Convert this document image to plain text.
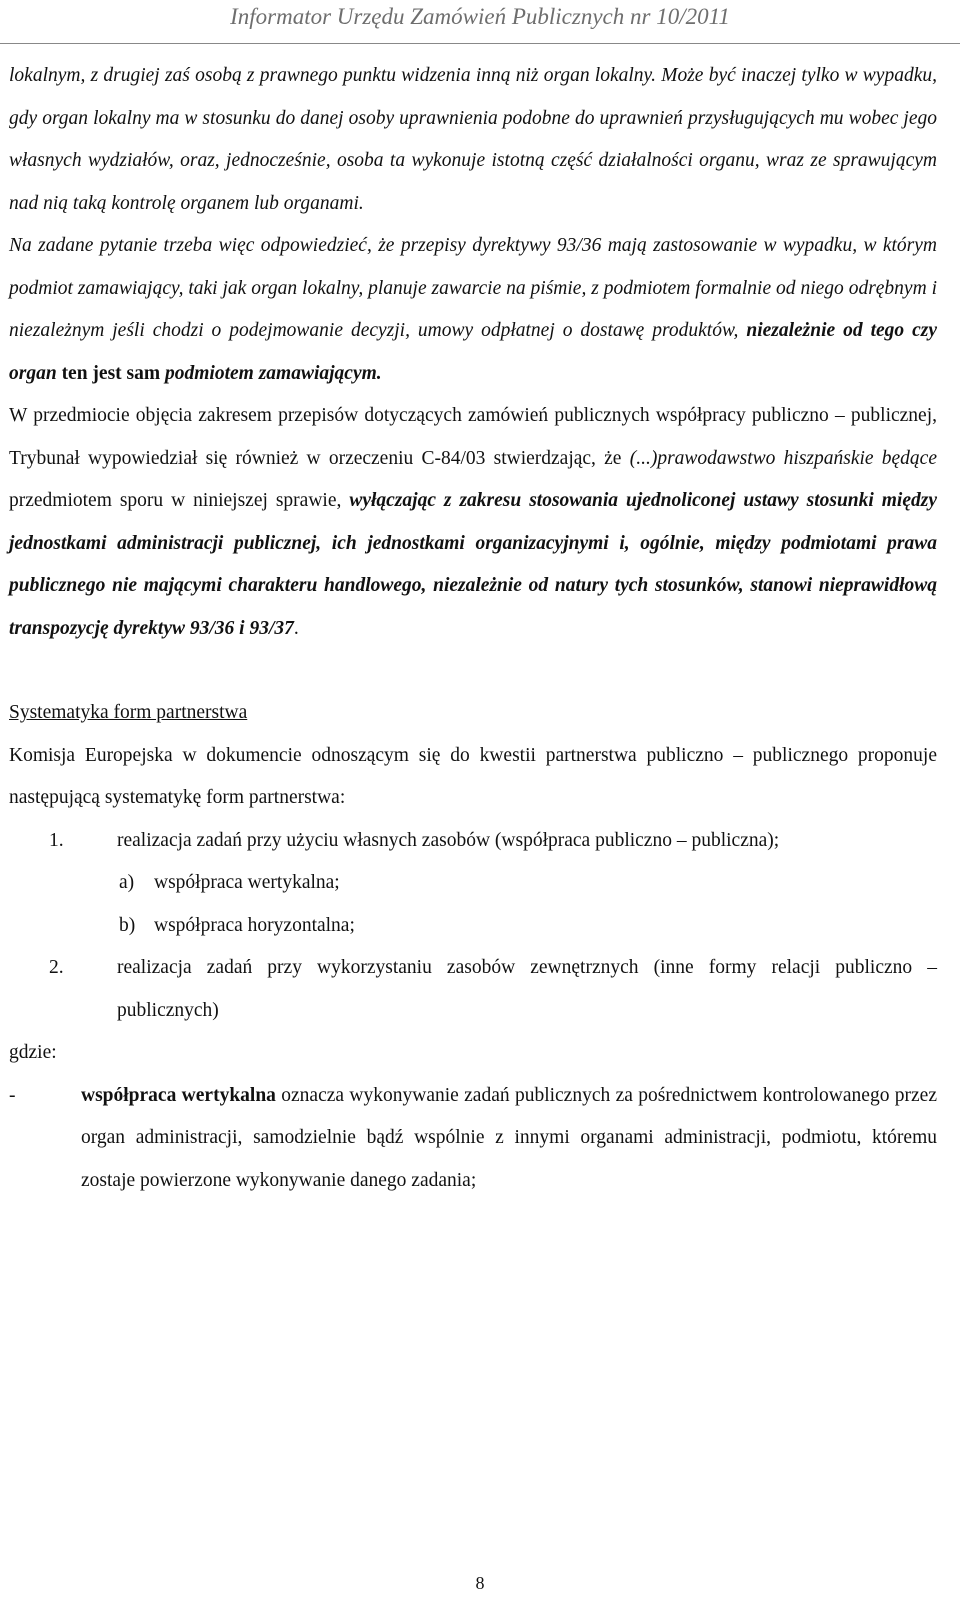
Informator Urzędu Zamówień Publicznych nr 10/2011

lokalnym, z drugiej zaś osobą z prawnego punktu widzenia inną niż organ lokalny. Może być inaczej tylko w wypadku, gdy organ lokalny ma w stosunku do danej osoby uprawnienia podobne do uprawnień przysługujących mu wobec jego własnych wydziałów, oraz, jednocześnie, osoba ta wykonuje istotną część działalności organu, wraz ze sprawującym nad nią taką kontrolę organem lub organami.

Na zadane pytanie trzeba więc odpowiedzieć, że przepisy dyrektywy 93/36 mają zastosowanie w wypadku, w którym podmiot zamawiający, taki jak organ lokalny, planuje zawarcie na piśmie, z podmiotem formalnie od niego odrębnym i niezależnym jeśli chodzi o podejmowanie decyzji, umowy odpłatnej o dostawę produktów, niezależnie od tego czy organ ten jest sam podmiotem zamawiającym.

W przedmiocie objęcia zakresem przepisów dotyczących zamówień publicznych współpracy publiczno – publicznej, Trybunał wypowiedział się również w orzeczeniu C-84/03 stwierdzając, że (...)prawodawstwo hiszpańskie będące przedmiotem sporu w niniejszej sprawie, wyłączając z zakresu stosowania ujednoliconej ustawy stosunki między jednostkami administracji publicznej, ich jednostkami organizacyjnymi i, ogólnie, między podmiotami prawa publicznego nie mającymi charakteru handlowego, niezależnie od natury tych stosunków, stanowi nieprawidłową transpozycję dyrektyw 93/36 i 93/37.

Systematyka form partnerstwa

Komisja Europejska w dokumencie odnoszącym się do kwestii partnerstwa publiczno – publicznego proponuje następującą systematykę form partnerstwa:

1.	realizacja zadań przy użyciu własnych zasobów (współpraca publiczno – publiczna);
a) współpraca wertykalna;
b) współpraca horyzontalna;
2.	realizacja zadań przy wykorzystaniu zasobów zewnętrznych (inne formy relacji publiczno – publicznych)

gdzie:

-	współpraca wertykalna oznacza wykonywanie zadań publicznych za pośrednictwem kontrolowanego przez organ administracji, samodzielnie bądź wspólnie z innymi organami administracji, podmiotu, któremu zostaje powierzone wykonywanie danego zadania;
8
